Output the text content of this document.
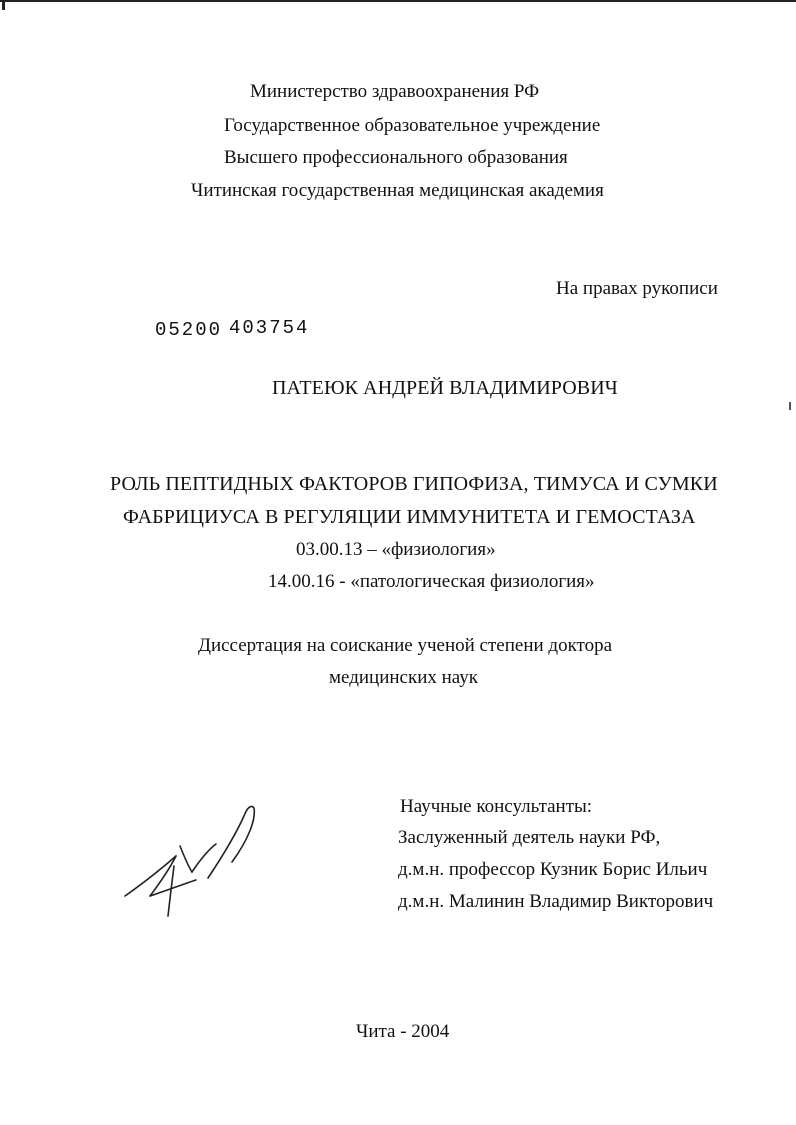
Министерство здравоохранения РФ
Государственное образовательное учреждение
Высшего профессионального образования
Читинская государственная медицинская академия
На правах рукописи
05200 403754
ПАТЕЮК АНДРЕЙ ВЛАДИМИРОВИЧ
РОЛЬ ПЕПТИДНЫХ ФАКТОРОВ ГИПОФИЗА, ТИМУСА И СУМКИ
ФАБРИЦИУСА В РЕГУЛЯЦИИ ИММУНИТЕТА И ГЕМОСТАЗА
03.00.13 – «физиология»
14.00.16 - «патологическая физиология»
Диссертация на соискание ученой степени доктора
медицинских наук
Научные консультанты:
Заслуженный деятель науки РФ,
д.м.н. профессор Кузник Борис Ильич
д.м.н. Малинин Владимир Викторович
Чита - 2004
